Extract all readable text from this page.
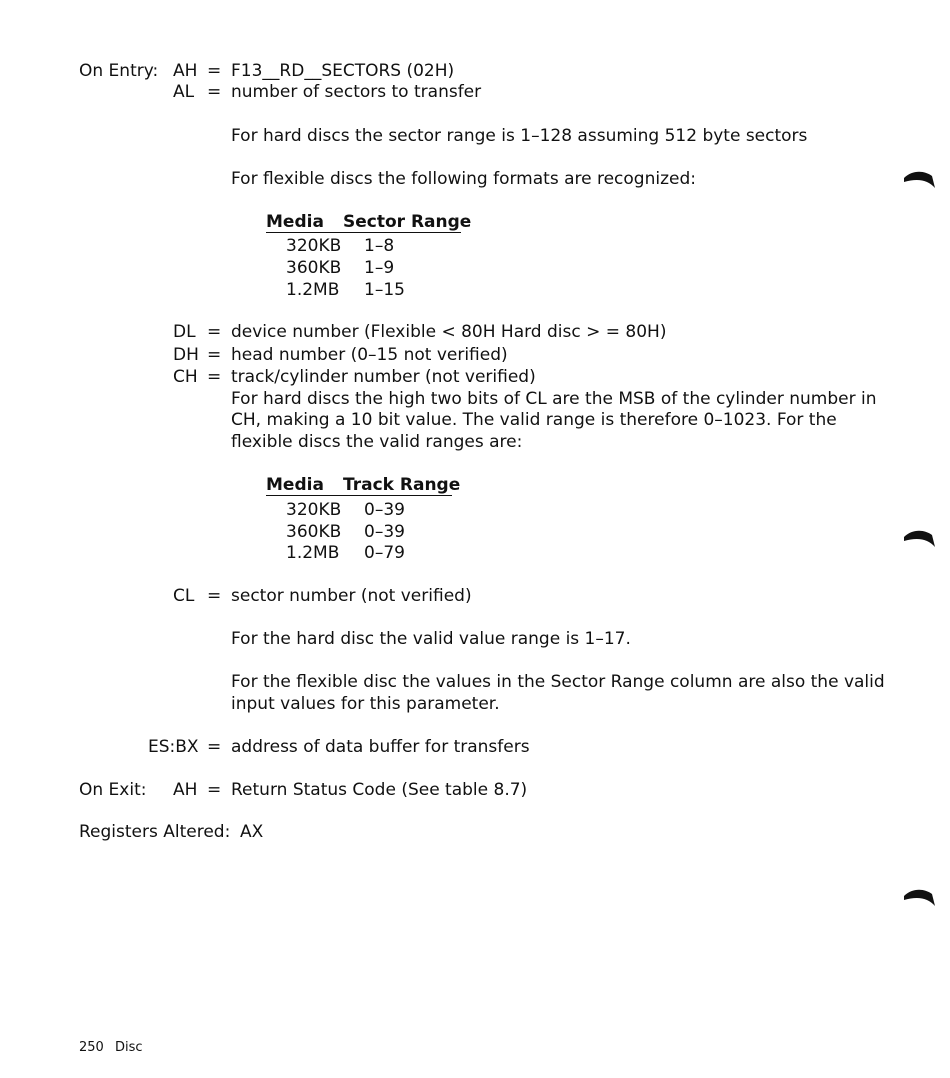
On Entry: AH = F13__RD__SECTORS (02H)
AL = number of sectors to transfer
For hard discs the sector range is 1–128 assuming 512 byte sectors
For flexible discs the following formats are recognized:
Media Sector Range
320KB 1–8
360KB 1–9
1.2MB 1–15
DL = device number (Flexible < 80H Hard disc > = 80H)
DH = head number (0–15 not verified)
CH = track/cylinder number (not verified)
For hard discs the high two bits of CL are the MSB of the cylinder number in
CH, making a 10 bit value. The valid range is therefore 0–1023. For the
flexible discs the valid ranges are:
Media Track Range
320KB 0–39
360KB 0–39
1.2MB 0–79
CL = sector number (not verified)
For the hard disc the valid value range is 1–17.
For the flexible disc the values in the Sector Range column are also the valid
input values for this parameter.
ES:BX = address of data buffer for transfers
On Exit: AH = Return Status Code (See table 8.7)
Registers Altered: AX
250 Disc
